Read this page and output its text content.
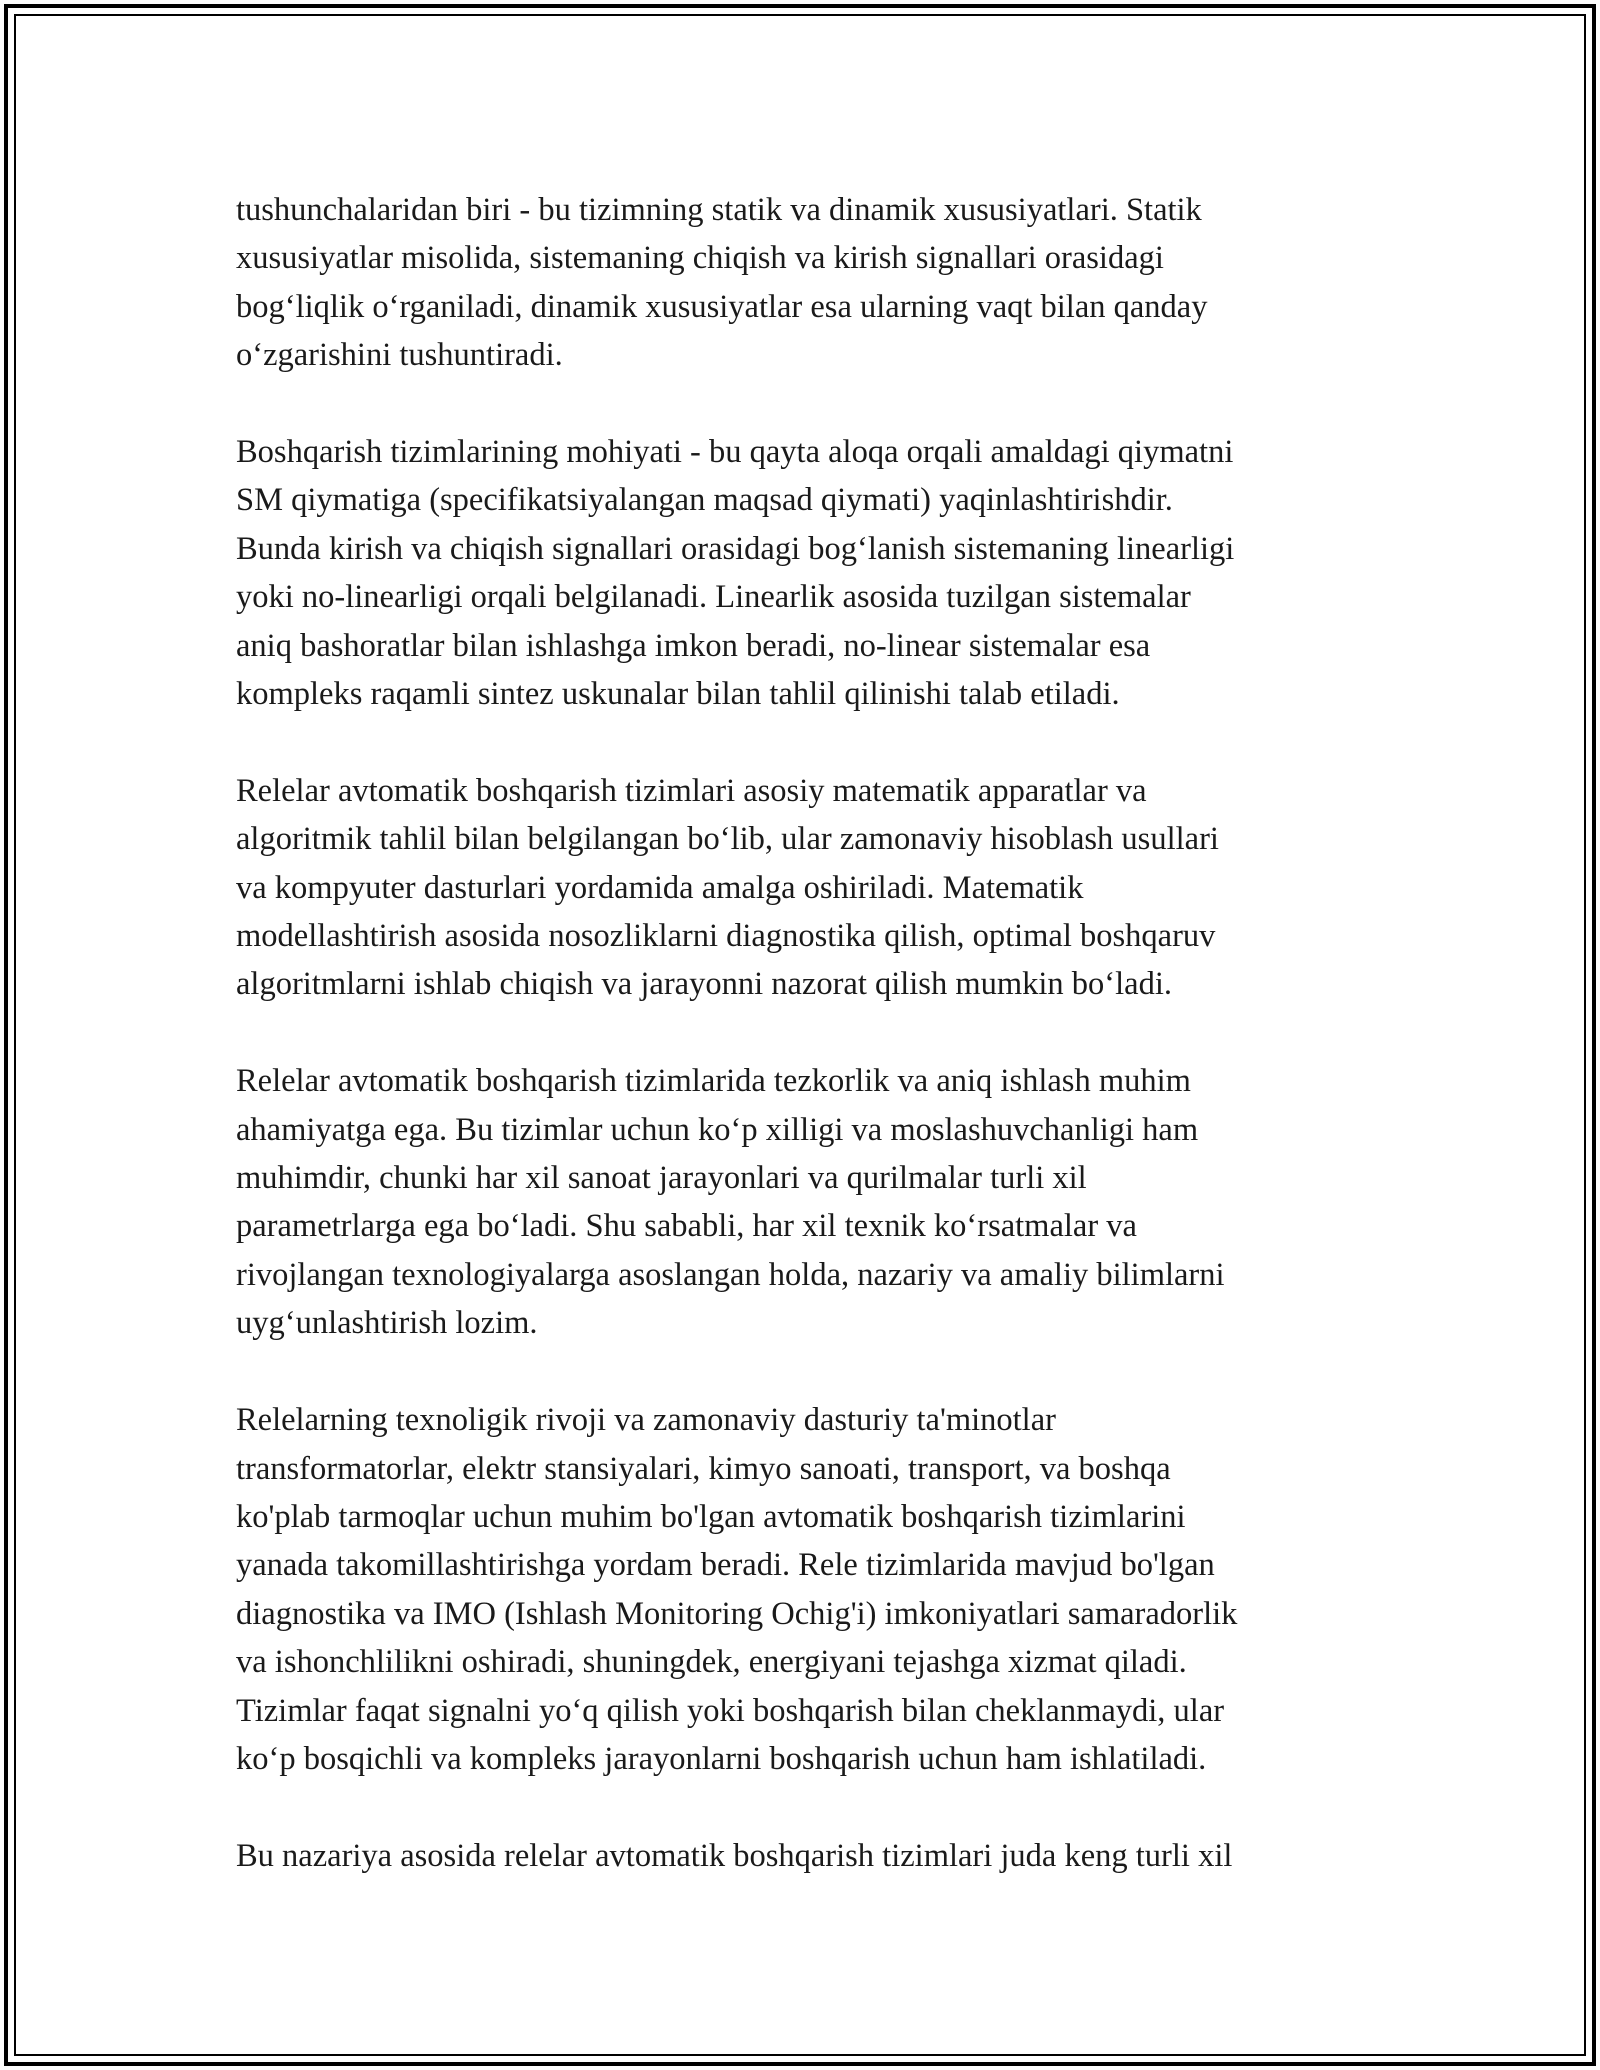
tushunchalaridan biri - bu tizimning statik va dinamik xususiyatlari. Statik
xususiyatlar misolida, sistemaning chiqish va kirish signallari orasidagi
bog‘liqlik o‘rganiladi, dinamik xususiyatlar esa ularning vaqt bilan qanday
o‘zgarishini tushuntiradi.

Boshqarish tizimlarining mohiyati - bu qayta aloqa orqali amaldagi qiymatni
SM qiymatiga (specifikatsiyalangan maqsad qiymati) yaqinlashtirishdir.
Bunda kirish va chiqish signallari orasidagi bog‘lanish sistemaning linearligi
yoki no-linearligi orqali belgilanadi. Linearlik asosida tuzilgan sistemalar
aniq bashoratlar bilan ishlashga imkon beradi, no-linear sistemalar esa
kompleks raqamli sintez uskunalar bilan tahlil qilinishi talab etiladi.

Relelar avtomatik boshqarish tizimlari asosiy matematik apparatlar va
algoritmik tahlil bilan belgilangan bo‘lib, ular zamonaviy hisoblash usullari
va kompyuter dasturlari yordamida amalga oshiriladi. Matematik
modellashtirish asosida nosozliklarni diagnostika qilish, optimal boshqaruv
algoritmlarni ishlab chiqish va jarayonni nazorat qilish mumkin bo‘ladi.

Relelar avtomatik boshqarish tizimlarida tezkorlik va aniq ishlash muhim
ahamiyatga ega. Bu tizimlar uchun ko‘p xilligi va moslashuvchanligi ham
muhimdir, chunki har xil sanoat jarayonlari va qurilmalar turli xil
parametrlarga ega bo‘ladi. Shu sababli, har xil texnik ko‘rsatmalar va
rivojlangan texnologiyalarga asoslangan holda, nazariy va amaliy bilimlarni
uyg‘unlashtirish lozim.

Relelarning texnoligik rivoji va zamonaviy dasturiy ta'minotlar
transformatorlar, elektr stansiyalari, kimyo sanoati, transport, va boshqa
ko'plab tarmoqlar uchun muhim bo'lgan avtomatik boshqarish tizimlarini
yanada takomillashtirishga yordam beradi. Rele tizimlarida mavjud bo'lgan
diagnostika va IMO (Ishlash Monitoring Ochig'i) imkoniyatlari samaradorlik
va ishonchlilikni oshiradi, shuningdek, energiyani tejashga xizmat qiladi.
Tizimlar faqat signalni yo‘q qilish yoki boshqarish bilan cheklanmaydi, ular
ko‘p bosqichli va kompleks jarayonlarni boshqarish uchun ham ishlatiladi.

Bu nazariya asosida relelar avtomatik boshqarish tizimlari juda keng turli xil
